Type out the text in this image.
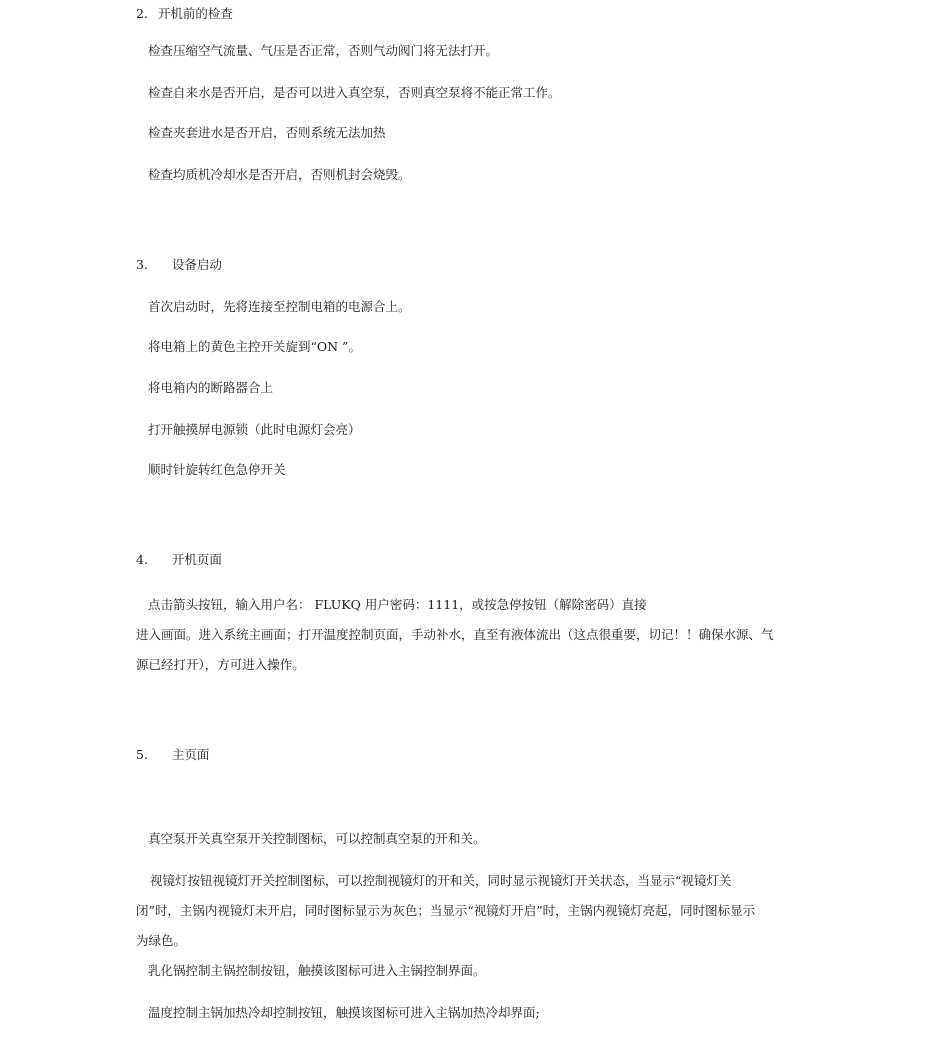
2. 开机前的检查
检查压缩空气流量、气压是否正常，否则气动阀门将无法打开。
检查自来水是否开启，是否可以进入真空泵，否则真空泵将不能正常工作。
检查夹套进水是否开启，否则系统无法加热
检查均质机冷却水是否开启，否则机封会烧毁。
3. 设备启动
首次启动时，先将连接至控制电箱的电源合上。
将电箱上的黄色主控开关旋到“ON ”。
将电箱内的断路器合上
打开触摸屏电源锁（此时电源灯会亮）
顺时针旋转红色急停开关
4. 开机页面
点击箭头按钮，输入用户名： FLUKQ 用户密码：1111，或按急停按钮（解除密码）直接
进入画面。进入系统主画面；打开温度控制页面，手动补水，直至有液体流出（这点很重要，切记！！确保水源、气
源已经打开），方可进入操作。
5. 主页面
真空泵开关真空泵开关控制图标，可以控制真空泵的开和关。
视镜灯按钮视镜灯开关控制图标，可以控制视镜灯的开和关，同时显示视镜灯开关状态，当显示“视镜灯关
闭”时，主锅内视镜灯未开启，同时图标显示为灰色；当显示“视镜灯开启”时，主锅内视镜灯亮起，同时图标显示
为绿色。
乳化锅控制主锅控制按钮，触摸该图标可进入主锅控制界面。
温度控制主锅加热冷却控制按钮，触摸该图标可进入主锅加热冷却界面;
